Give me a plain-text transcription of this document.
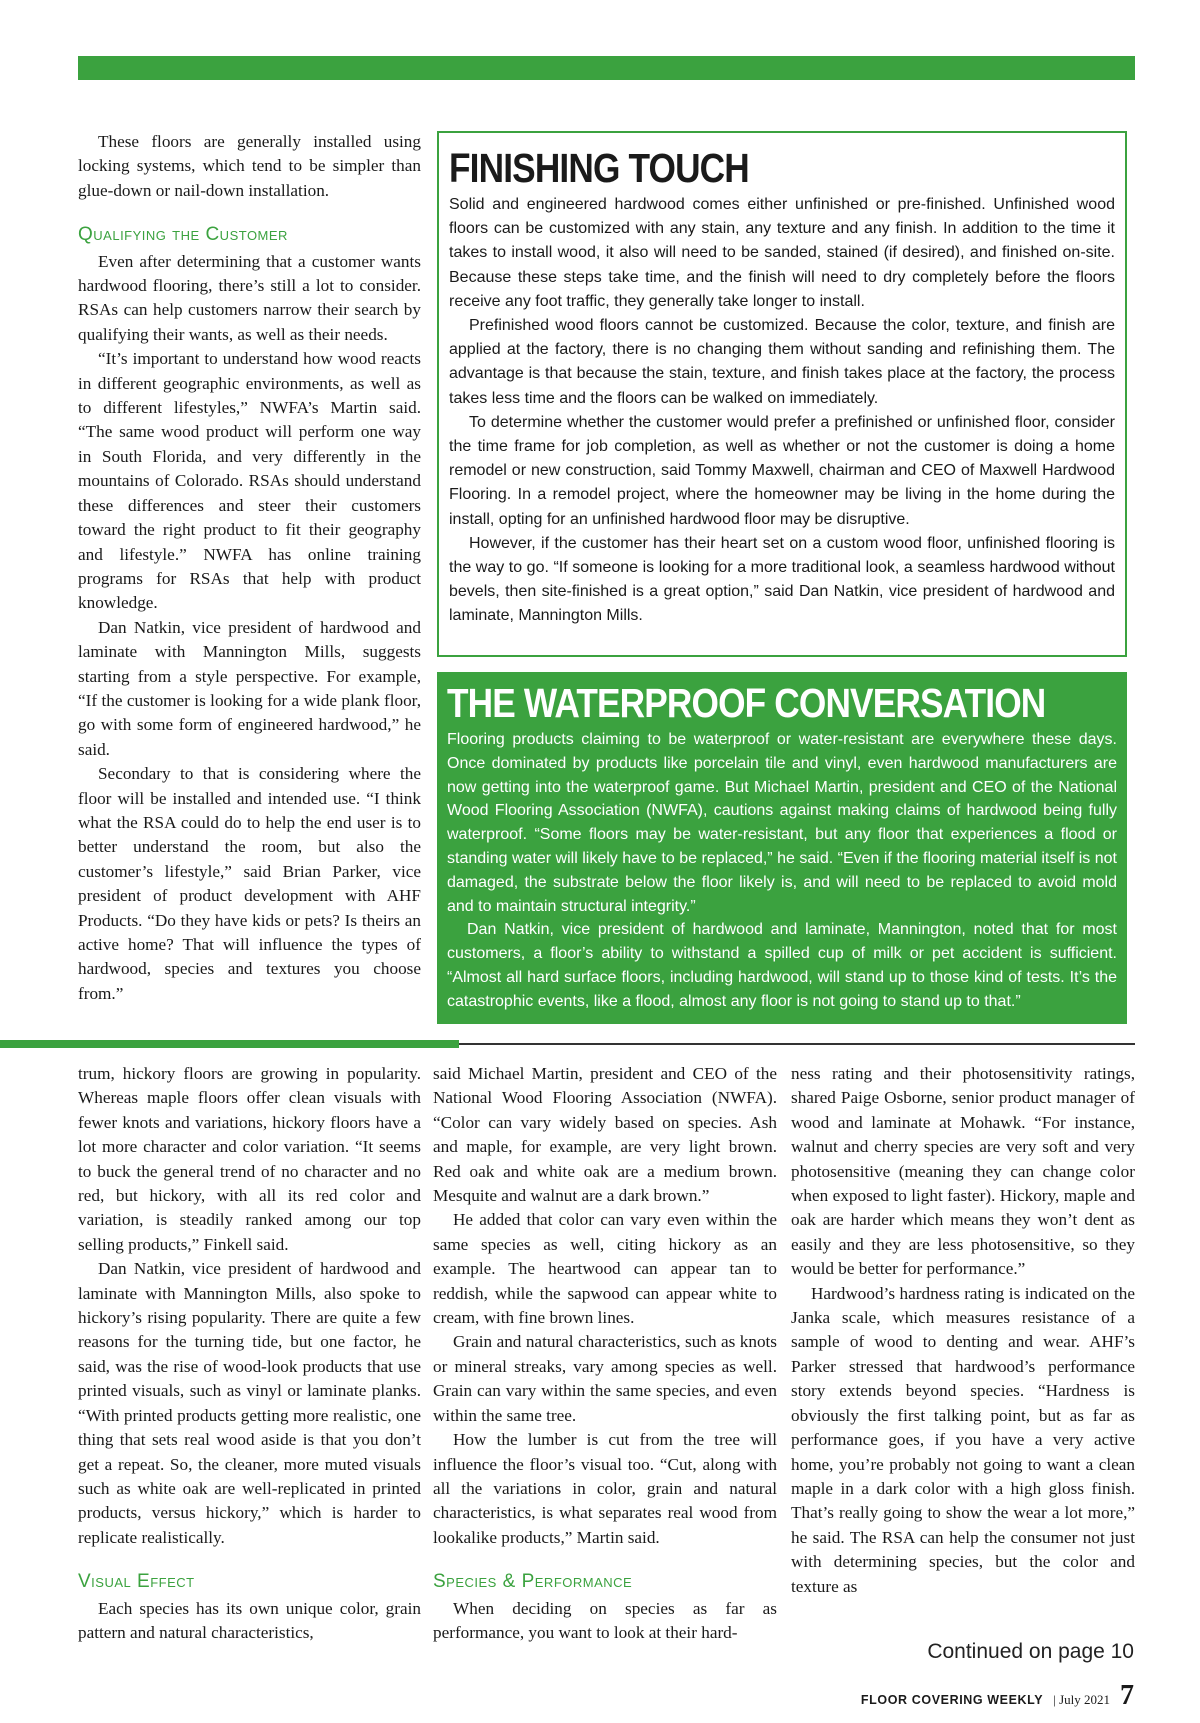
These floors are generally installed using locking systems, which tend to be simpler than glue-down or nail-down installation.

Qualifying the Customer

Even after determining that a customer wants hardwood flooring, there’s still a lot to consider. RSAs can help customers narrow their search by qualifying their wants, as well as their needs.

“It’s important to understand how wood reacts in different geographic environments, as well as to different lifestyles,” NWFA’s Martin said. “The same wood product will perform one way in South Florida, and very differently in the mountains of Colorado. RSAs should understand these differences and steer their customers toward the right product to fit their geography and lifestyle.” NWFA has online training programs for RSAs that help with product knowledge.

Dan Natkin, vice president of hardwood and laminate with Mannington Mills, suggests starting from a style perspective. For example, “If the customer is looking for a wide plank floor, go with some form of engineered hardwood,” he said.

Secondary to that is considering where the floor will be installed and intended use. “I think what the RSA could do to help the end user is to better understand the room, but also the customer’s lifestyle,” said Brian Parker, vice president of product development with AHF Products. “Do they have kids or pets? Is theirs an active home? That will influence the types of hardwood, species and textures you choose from.”

FINISHING TOUCH

Solid and engineered hardwood comes either unfinished or pre-finished. Unfinished wood floors can be customized with any stain, any texture and any finish. In addition to the time it takes to install wood, it also will need to be sanded, stained (if desired), and finished on-site. Because these steps take time, and the finish will need to dry completely before the floors receive any foot traffic, they generally take longer to install.

Prefinished wood floors cannot be customized. Because the color, texture, and finish are applied at the factory, there is no changing them without sanding and refinishing them. The advantage is that because the stain, texture, and finish takes place at the factory, the process takes less time and the floors can be walked on immediately.

To determine whether the customer would prefer a prefinished or unfinished floor, consider the time frame for job completion, as well as whether or not the customer is doing a home remodel or new construction, said Tommy Maxwell, chairman and CEO of Maxwell Hardwood Flooring. In a remodel project, where the homeowner may be living in the home during the install, opting for an unfinished hardwood floor may be disruptive.

However, if the customer has their heart set on a custom wood floor, unfinished flooring is the way to go. “If someone is looking for a more traditional look, a seamless hardwood without bevels, then site-finished is a great option,” said Dan Natkin, vice president of hardwood and laminate, Mannington Mills.

THE WATERPROOF CONVERSATION

Flooring products claiming to be waterproof or water-resistant are everywhere these days. Once dominated by products like porcelain tile and vinyl, even hardwood manufacturers are now getting into the waterproof game. But Michael Martin, president and CEO of the National Wood Flooring Association (NWFA), cautions against making claims of hardwood being fully waterproof. “Some floors may be water-resistant, but any floor that experiences a flood or standing water will likely have to be replaced,” he said. “Even if the flooring material itself is not damaged, the substrate below the floor likely is, and will need to be replaced to avoid mold and to maintain structural integrity.”

Dan Natkin, vice president of hardwood and laminate, Mannington, noted that for most customers, a floor’s ability to withstand a spilled cup of milk or pet accident is sufficient. “Almost all hard surface floors, including hardwood, will stand up to those kind of tests. It’s the catastrophic events, like a flood, almost any floor is not going to stand up to that.”

trum, hickory floors are growing in popularity. Whereas maple floors offer clean visuals with fewer knots and variations, hickory floors have a lot more character and color variation. “It seems to buck the general trend of no character and no red, but hickory, with all its red color and variation, is steadily ranked among our top selling products,” Finkell said.

Dan Natkin, vice president of hardwood and laminate with Mannington Mills, also spoke to hickory’s rising popularity. There are quite a few reasons for the turning tide, but one factor, he said, was the rise of wood-look products that use printed visuals, such as vinyl or laminate planks. “With printed products getting more realistic, one thing that sets real wood aside is that you don’t get a repeat. So, the cleaner, more muted visuals such as white oak are well-replicated in printed products, versus hickory,” which is harder to replicate realistically.

Visual Effect

Each species has its own unique color, grain pattern and natural characteristics,

said Michael Martin, president and CEO of the National Wood Flooring Association (NWFA). “Color can vary widely based on species. Ash and maple, for example, are very light brown. Red oak and white oak are a medium brown. Mesquite and walnut are a dark brown.”

He added that color can vary even within the same species as well, citing hickory as an example. The heartwood can appear tan to reddish, while the sapwood can appear white to cream, with fine brown lines.

Grain and natural characteristics, such as knots or mineral streaks, vary among species as well. Grain can vary within the same species, and even within the same tree.

How the lumber is cut from the tree will influence the floor’s visual too. “Cut, along with all the variations in color, grain and natural characteristics, is what separates real wood from lookalike products,” Martin said.

Species & Performance

When deciding on species as far as performance, you want to look at their hard-

ness rating and their photosensitivity ratings, shared Paige Osborne, senior product manager of wood and laminate at Mohawk. “For instance, walnut and cherry species are very soft and very photosensitive (meaning they can change color when exposed to light faster). Hickory, maple and oak are harder which means they won’t dent as easily and they are less photosensitive, so they would be better for performance.”

Hardwood’s hardness rating is indicated on the Janka scale, which measures resistance of a sample of wood to denting and wear. AHF’s Parker stressed that hardwood’s performance story extends beyond species. “Hardness is obviously the first talking point, but as far as performance goes, if you have a very active home, you’re probably not going to want a clean maple in a dark color with a high gloss finish. That’s really going to show the wear a lot more,” he said. The RSA can help the consumer not just with determining species, but the color and texture as

Continued on page 10
FLOOR COVERING WEEKLY | July 2021 7
